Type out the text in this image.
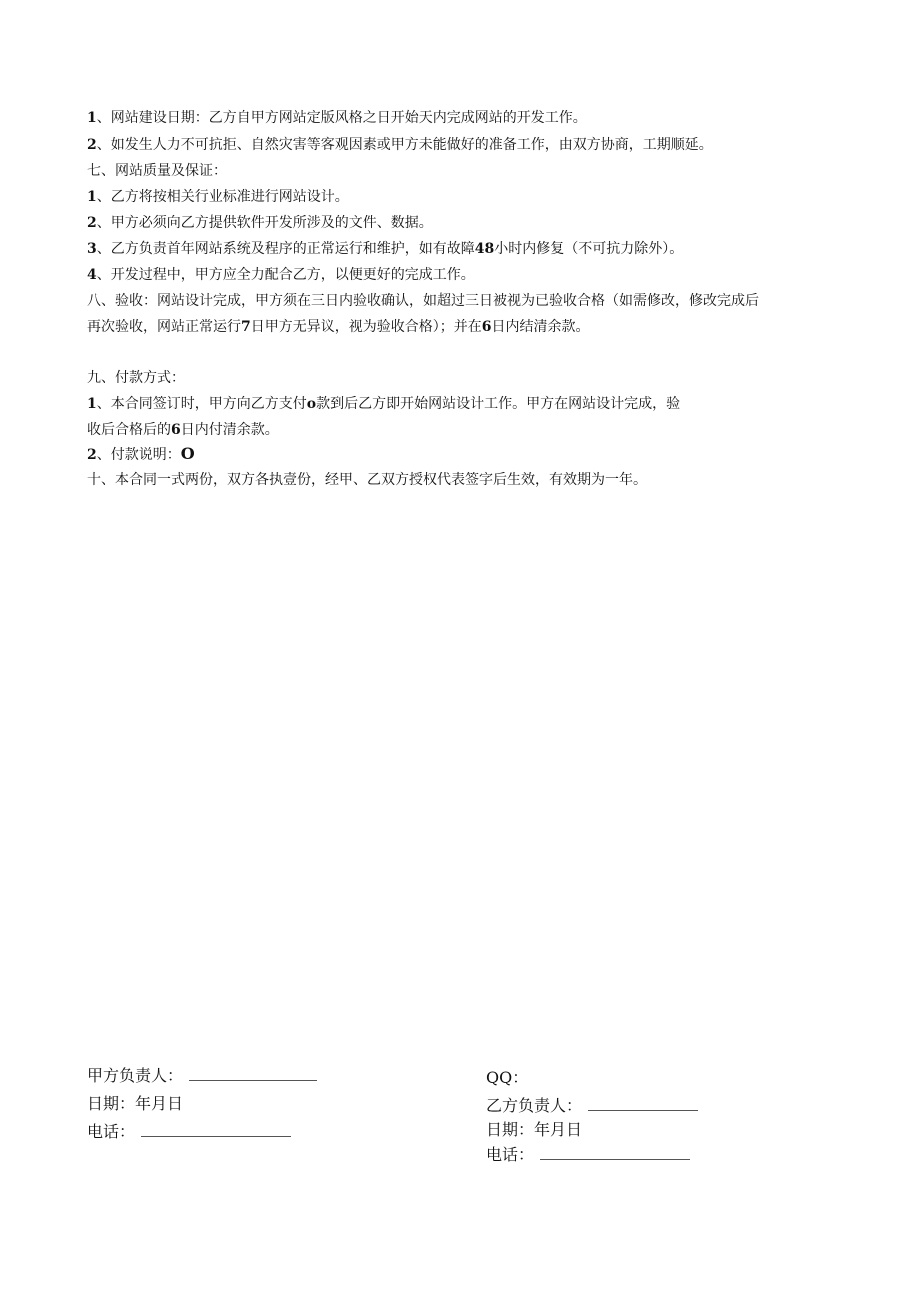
1、网站建设日期：乙方自甲方网站定版风格之日开始天内完成网站的开发工作。
2、如发生人力不可抗拒、自然灾害等客观因素或甲方未能做好的准备工作，由双方协商，工期顺延。
七、网站质量及保证：
1、乙方将按相关行业标准进行网站设计。
2、甲方必须向乙方提供软件开发所涉及的文件、数据。
3、乙方负责首年网站系统及程序的正常运行和维护，如有故障48小时内修复（不可抗力除外）。
4、开发过程中，甲方应全力配合乙方，以便更好的完成工作。
八、验收：网站设计完成，甲方须在三日内验收确认，如超过三日被视为已验收合格（如需修改，修改完成后
再次验收，网站正常运行7日甲方无异议，视为验收合格）；并在6日内结清余款。
九、付款方式：
1、本合同签订时，甲方向乙方支付o款到后乙方即开始网站设计工作。甲方在网站设计完成，验
收后合格后的6日内付清余款。
2、付款说明：O
十、本合同一式两份，双方各执壹份，经甲、乙双方授权代表签字后生效，有效期为一年。
甲方负责人：
日期：年月日
电话：
QQ：
乙方负责人：
日期：年月日
电话：
